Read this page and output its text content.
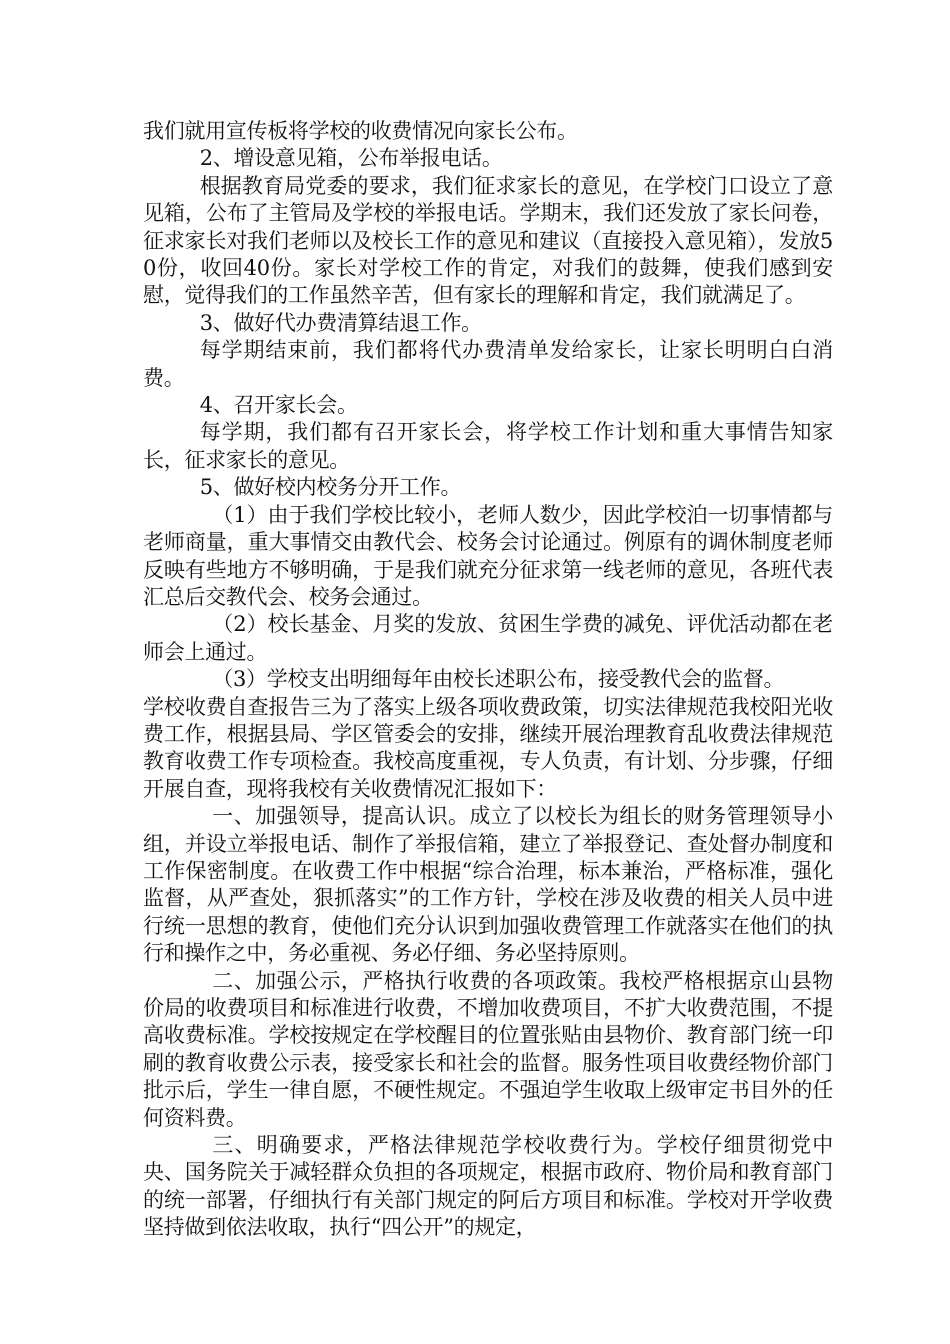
我们就用宣传板将学校的收费情况向家长公布。

2、增设意见箱，公布举报电话。

根据教育局党委的要求，我们征求家长的意见，在学校门口设立了意见箱，公布了主管局及学校的举报电话。学期末，我们还发放了家长问卷，征求家长对我们老师以及校长工作的意见和建议（直接投入意见箱），发放50份，收回40份。家长对学校工作的肯定，对我们的鼓舞，使我们感到安慰，觉得我们的工作虽然辛苦，但有家长的理解和肯定，我们就满足了。

3、做好代办费清算结退工作。

每学期结束前，我们都将代办费清单发给家长，让家长明明白白消费。

4、召开家长会。

每学期，我们都有召开家长会，将学校工作计划和重大事情告知家长，征求家长的意见。

5、做好校内校务分开工作。

（1）由于我们学校比较小，老师人数少，因此学校泊一切事情都与老师商量，重大事情交由教代会、校务会讨论通过。例原有的调休制度老师反映有些地方不够明确，于是我们就充分征求第一线老师的意见，各班代表汇总后交教代会、校务会通过。

（2）校长基金、月奖的发放、贫困生学费的减免、评优活动都在老师会上通过。

（3）学校支出明细每年由校长述职公布，接受教代会的监督。

学校收费自查报告三为了落实上级各项收费政策，切实法律规范我校阳光收费工作，根据县局、学区管委会的安排，继续开展治理教育乱收费法律规范教育收费工作专项检查。我校高度重视，专人负责，有计划、分步骤，仔细开展自查，现将我校有关收费情况汇报如下：

一、加强领导，提高认识。成立了以校长为组长的财务管理领导小组，并设立举报电话、制作了举报信箱，建立了举报登记、查处督办制度和工作保密制度。在收费工作中根据“综合治理，标本兼治，严格标准，强化监督，从严查处，狠抓落实”的工作方针，学校在涉及收费的相关人员中进行统一思想的教育，使他们充分认识到加强收费管理工作就落实在他们的执行和操作之中，务必重视、务必仔细、务必坚持原则。

二、加强公示，严格执行收费的各项政策。我校严格根据京山县物价局的收费项目和标准进行收费，不增加收费项目，不扩大收费范围，不提高收费标准。学校按规定在学校醒目的位置张贴由县物价、教育部门统一印刷的教育收费公示表，接受家长和社会的监督。服务性项目收费经物价部门批示后，学生一律自愿，不硬性规定。不强迫学生收取上级审定书目外的任何资料费。

三、明确要求，严格法律规范学校收费行为。学校仔细贯彻党中央、国务院关于减轻群众负担的各项规定，根据市政府、物价局和教育部门的统一部署，仔细执行有关部门规定的阿后方项目和标准。学校对开学收费坚持做到依法收取，执行“四公开”的规定，
